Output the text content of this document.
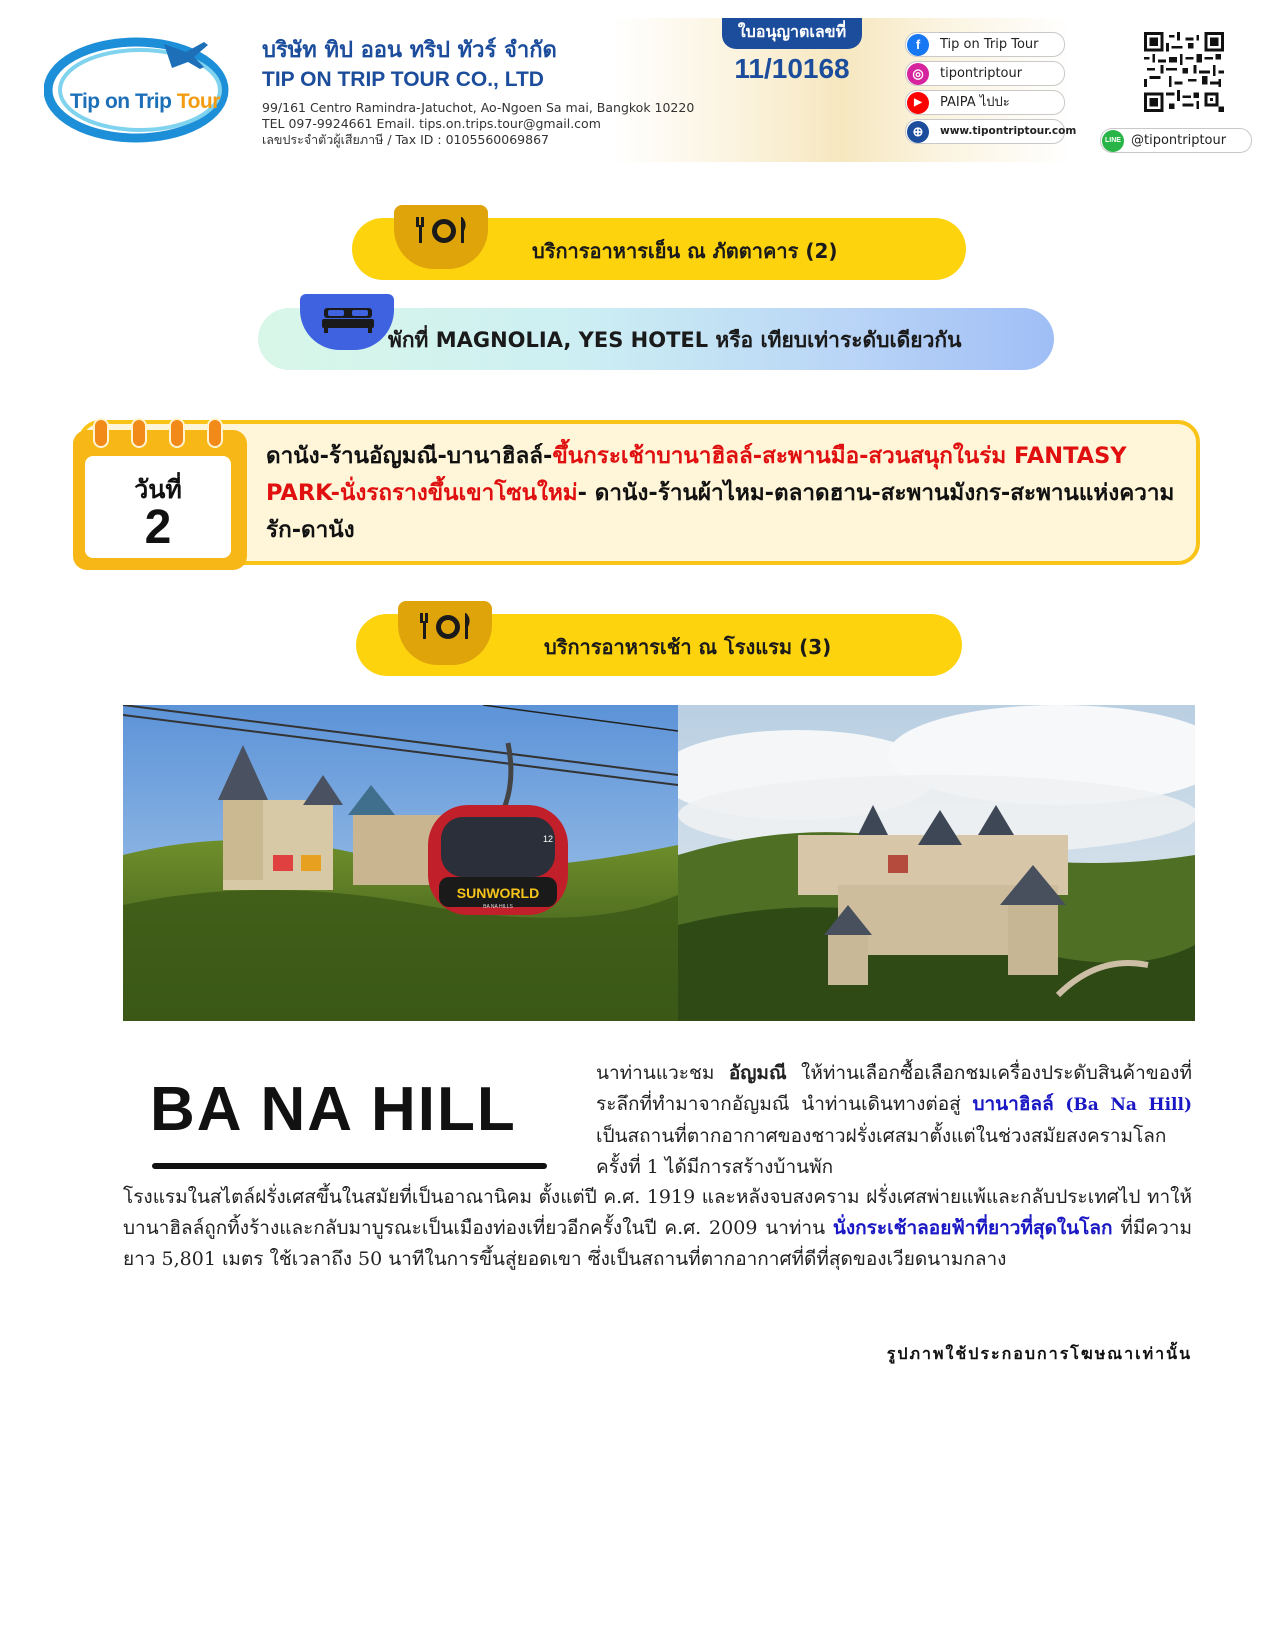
Tip on Trip Tour
บริษัท ทิป ออน ทริป ทัวร์ จำกัด
TIP ON TRIP TOUR CO., LTD
99/161 Centro Ramindra-Jatuchot, Ao-Ngoen Sa mai, Bangkok 10220
TEL 097-9924661 Email. tips.on.trips.tour@gmail.com
เลขประจำตัวผู้เสียภาษี / Tax ID : 0105560069867
ใบอนุญาตเลขที่
11/10168
f	Tip on Trip Tour
◎	tipontriptour
▶	PAIPA ไปปะ
⊕	www.tipontriptour.com
LINE @tipontriptour
บริการอาหารเย็น ณ ภัตตาคาร (2)
พักที่ MAGNOLIA, YES HOTEL หรือ เทียบเท่าระดับเดียวกัน
วันที่
2
ดานัง-ร้านอัญมณี-บานาฮิลล์-ขึ้นกระเช้าบานาฮิลล์-สะพานมือ-สวนสนุกในร่ม FANTASY PARK-นั่งรถรางขึ้นเขาโซนใหม่- ดานัง-ร้านผ้าไหม-ตลาดฮาน-สะพานมังกร-สะพานแห่งความรัก-ดานัง
บริการอาหารเช้า ณ โรงแรม (3)
SUNWORLD
BA NA HILLS
12
BA NA HILL
นาท่านแวะชม อัญมณี ให้ท่านเลือกซื้อเลือกชมเครื่องประดับสินค้าของที่ระลึกที่ทำมาจากอัญมณี นำท่านเดินทางต่อสู่ บานาฮิลล์ (Ba Na Hill) เป็นสถานที่ตากอากาศของชาวฝรั่งเศสมาตั้งแต่ในช่วงสมัยสงครามโลกครั้งที่ 1 ได้มีการสร้างบ้านพัก
โรงแรมในสไตล์ฝรั่งเศสขึ้นในสมัยที่เป็นอาณานิคม ตั้งแต่ปี ค.ศ. 1919 และหลังจบสงคราม ฝรั่งเศสพ่ายแพ้และกลับประเทศไป ทาให้บานาฮิลล์ถูกทิ้งร้างและกลับมาบูรณะเป็นเมืองท่องเที่ยวอีกครั้งในปี ค.ศ. 2009 นาท่าน นั่งกระเช้าลอยฟ้าที่ยาวที่สุดในโลก ที่มีความยาว 5,801 เมตร ใช้เวลาถึง 50 นาทีในการขึ้นสู่ยอดเขา ซึ่งเป็นสถานที่ตากอากาศที่ดีที่สุดของเวียดนามกลาง
รูปภาพใช้ประกอบการโฆษณาเท่านั้น
